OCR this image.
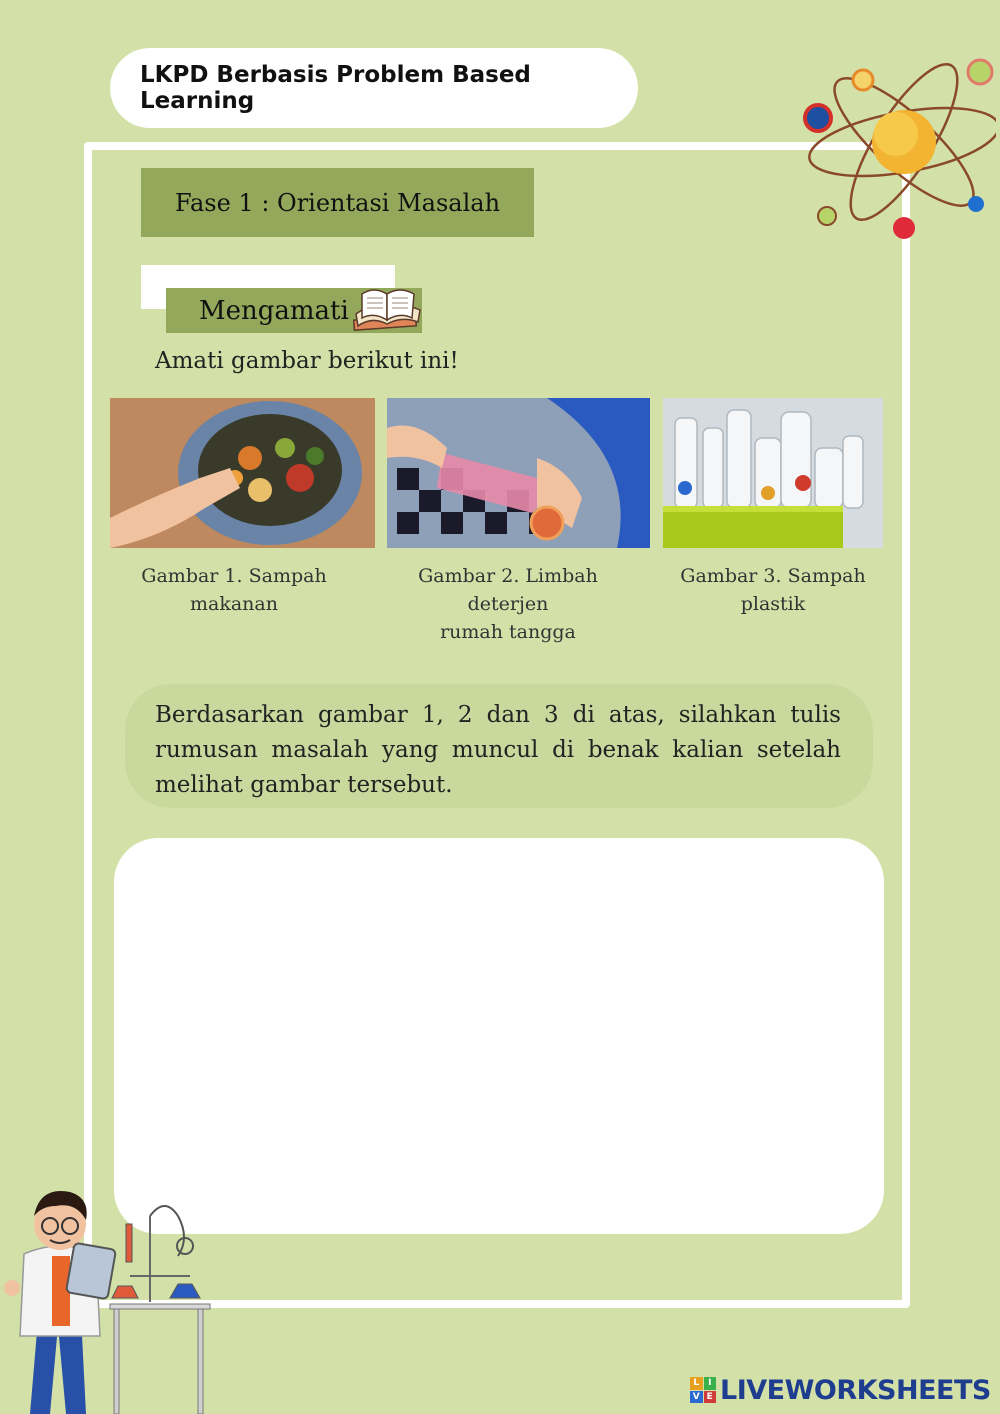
LKPD Berbasis Problem Based Learning
Fase 1 : Orientasi Masalah
Mengamati
Amati gambar berikut ini!
Gambar 1. Sampah
makanan
Gambar 2. Limbah deterjen
rumah tangga
Gambar 3. Sampah
plastik
Berdasarkan gambar 1, 2 dan 3 di atas, silahkan tulis rumusan masalah yang muncul di benak kalian setelah melihat gambar tersebut.
L I
V E LIVEWORKSHEETS
